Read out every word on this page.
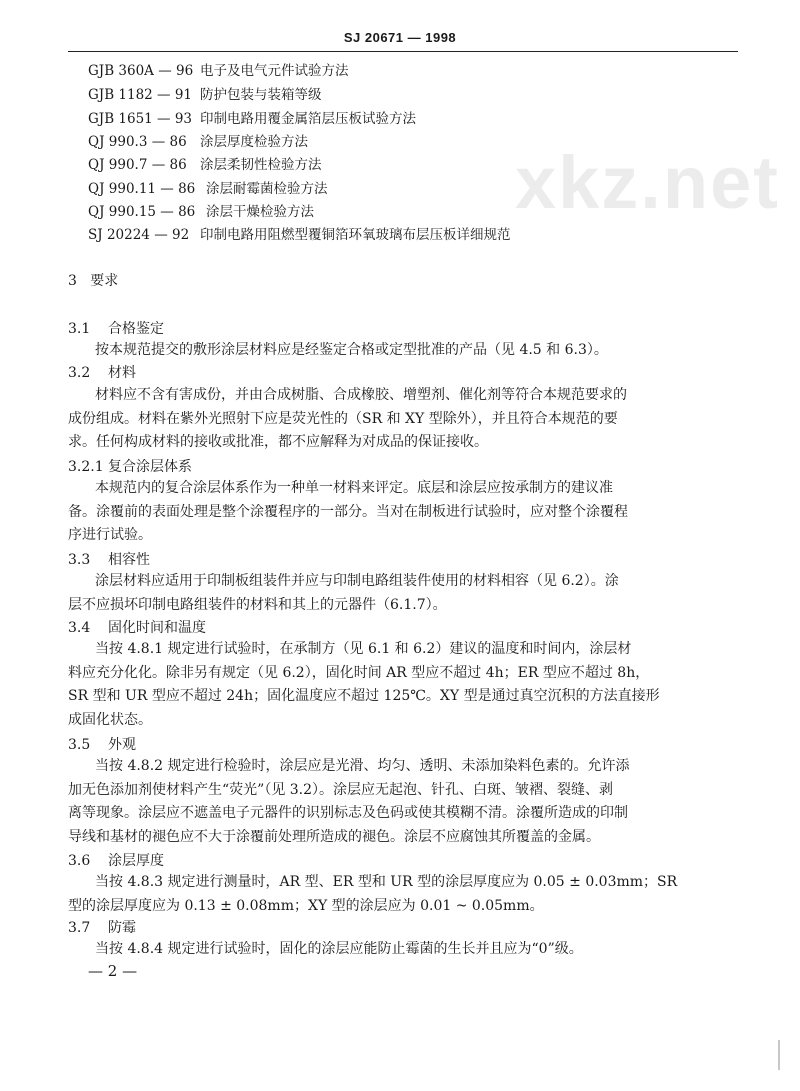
SJ 20671 — 1998
xkz.net
GJB 360A — 96 电子及电气元件试验方法
GJB 1182 — 91 防护包装与装箱等级
GJB 1651 — 93 印制电路用覆金属箔层压板试验方法
QJ 990.3 — 86 涂层厚度检验方法
QJ 990.7 — 86 涂层柔韧性检验方法
QJ 990.11 — 86 涂层耐霉菌检验方法
QJ 990.15 — 86 涂层干燥检验方法
SJ 20224 — 92 印制电路用阻燃型覆铜箔环氧玻璃布层压板详细规范
3 要求
3.1 合格鉴定
按本规范提交的敷形涂层材料应是经鉴定合格或定型批准的产品（见 4.5 和 6.3）。
3.2 材料
材料应不含有害成份，并由合成树脂、合成橡胶、增塑剂、催化剂等符合本规范要求的
成份组成。材料在紫外光照射下应是荧光性的（SR 和 XY 型除外），并且符合本规范的要
求。任何构成材料的接收或批准，都不应解释为对成品的保证接收。
3.2.1 复合涂层体系
本规范内的复合涂层体系作为一种单一材料来评定。底层和涂层应按承制方的建议准
备。涂覆前的表面处理是整个涂覆程序的一部分。当对在制板进行试验时，应对整个涂覆程
序进行试验。
3.3 相容性
涂层材料应适用于印制板组装件并应与印制电路组装件使用的材料相容（见 6.2）。涂
层不应损坏印制电路组装件的材料和其上的元器件（6.1.7）。
3.4 固化时间和温度
当按 4.8.1 规定进行试验时，在承制方（见 6.1 和 6.2）建议的温度和时间内，涂层材
料应充分化化。除非另有规定（见 6.2），固化时间 AR 型应不超过 4h；ER 型应不超过 8h，
SR 型和 UR 型应不超过 24h；固化温度应不超过 125℃。XY 型是通过真空沉积的方法直接形
成固化状态。
3.5 外观
当按 4.8.2 规定进行检验时，涂层应是光滑、均匀、透明、未添加染料色素的。允许添
加无色添加剂使材料产生“荧光”（见 3.2）。涂层应无起泡、针孔、白斑、皱褶、裂缝、剥
离等现象。涂层应不遮盖电子元器件的识别标志及色码或使其模糊不清。涂覆所造成的印制
导线和基材的褪色应不大于涂覆前处理所造成的褪色。涂层不应腐蚀其所覆盖的金属。
3.6 涂层厚度
当按 4.8.3 规定进行测量时，AR 型、ER 型和 UR 型的涂层厚度应为 0.05 ± 0.03mm；SR
型的涂层厚度应为 0.13 ± 0.08mm；XY 型的涂层应为 0.01 ~ 0.05mm。
3.7 防霉
当按 4.8.4 规定进行试验时，固化的涂层应能防止霉菌的生长并且应为“0”级。
— 2 —
